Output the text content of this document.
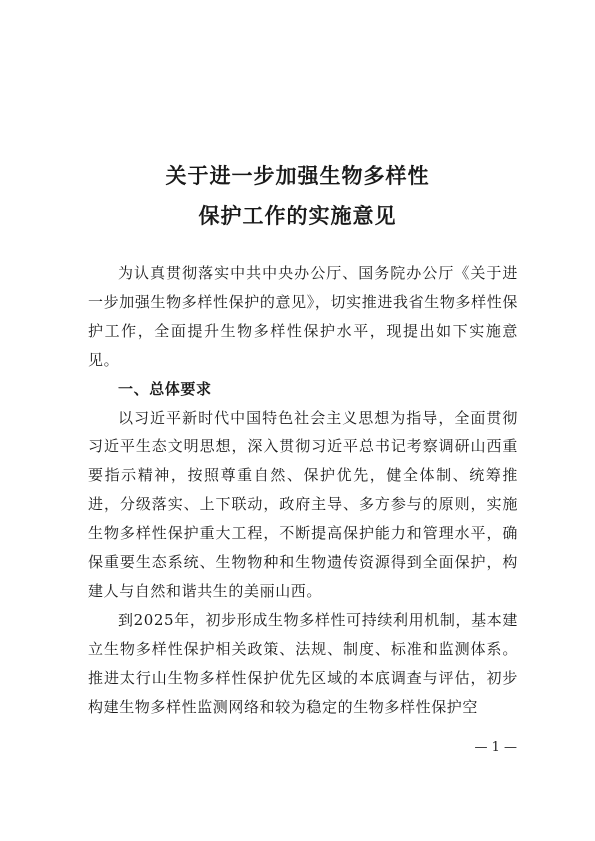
关于进一步加强生物多样性
保护工作的实施意见

为认真贯彻落实中共中央办公厅、国务院办公厅《关于进一步加强生物多样性保护的意见》，切实推进我省生物多样性保护工作，全面提升生物多样性保护水平，现提出如下实施意见。

一、总体要求

以习近平新时代中国特色社会主义思想为指导，全面贯彻习近平生态文明思想，深入贯彻习近平总书记考察调研山西重要指示精神，按照尊重自然、保护优先，健全体制、统筹推进，分级落实、上下联动，政府主导、多方参与的原则，实施生物多样性保护重大工程，不断提高保护能力和管理水平，确保重要生态系统、生物物种和生物遗传资源得到全面保护，构建人与自然和谐共生的美丽山西。

到2025年，初步形成生物多样性可持续利用机制，基本建立生物多样性保护相关政策、法规、制度、标准和监测体系。推进太行山生物多样性保护优先区域的本底调查与评估，初步构建生物多样性监测网络和较为稳定的生物多样性保护空

— 1 —
